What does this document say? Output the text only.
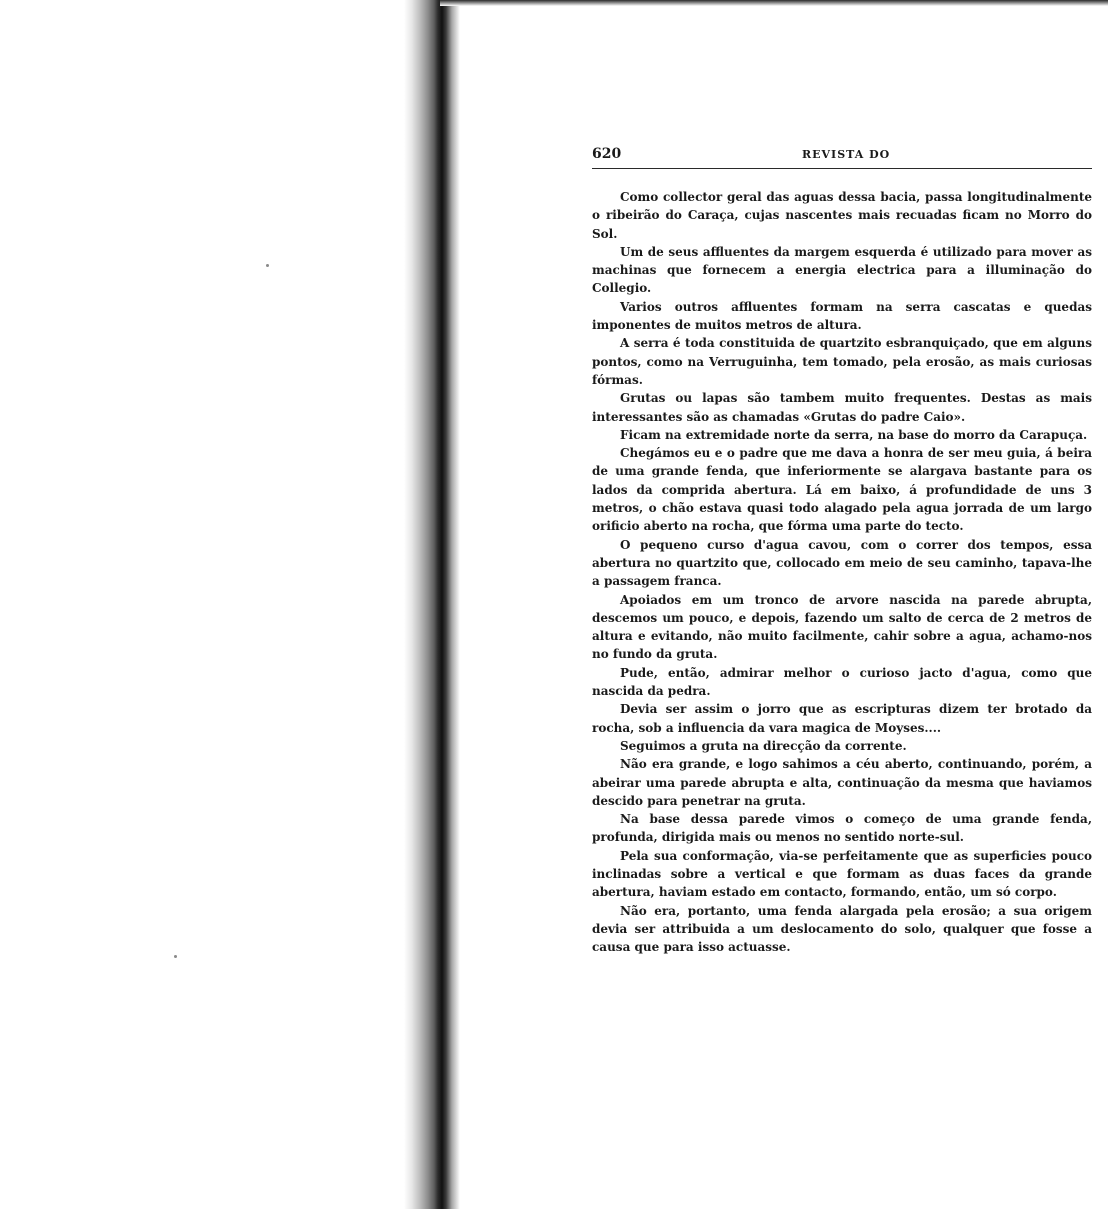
620	REVISTA DO

Como collector geral das aguas dessa bacia, passa longitudinalmente o ribeirão do Caraça, cujas nascentes mais recuadas ficam no Morro do Sol.

Um de seus affluentes da margem esquerda é utilizado para mover as machinas que fornecem a energia electrica para a illuminação do Collegio.

Varios outros affluentes formam na serra cascatas e quedas imponentes de muitos metros de altura.

A serra é toda constituida de quartzito esbranquiçado, que em alguns pontos, como na Verruguinha, tem tomado, pela erosão, as mais curiosas fórmas.

Grutas ou lapas são tambem muito frequentes. Destas as mais interessantes são as chamadas «Grutas do padre Caio».

Ficam na extremidade norte da serra, na base do morro da Carapuça.

Chegámos eu e o padre que me dava a honra de ser meu guia, á beira de uma grande fenda, que inferiormente se alargava bastante para os lados da comprida abertura. Lá em baixo, á profundidade de uns 3 metros, o chão estava quasi todo alagado pela agua jorrada de um largo orificio aberto na rocha, que fórma uma parte do tecto.

O pequeno curso d'agua cavou, com o correr dos tempos, essa abertura no quartzito que, collocado em meio de seu caminho, tapava-lhe a passagem franca.

Apoiados em um tronco de arvore nascida na parede abrupta, descemos um pouco, e depois, fazendo um salto de cerca de 2 metros de altura e evitando, não muito facilmente, cahir sobre a agua, achamo-nos no fundo da gruta.

Pude, então, admirar melhor o curioso jacto d'agua, como que nascida da pedra.

Devia ser assim o jorro que as escripturas dizem ter brotado da rocha, sob a influencia da vara magica de Moyses....

Seguimos a gruta na direcção da corrente.

Não era grande, e logo sahimos a céu aberto, continuando, porém, a abeirar uma parede abrupta e alta, continuação da mesma que haviamos descido para penetrar na gruta.

Na base dessa parede vimos o começo de uma grande fenda, profunda, dirigida mais ou menos no sentido norte-sul.

Pela sua conformação, via-se perfeitamente que as superficies pouco inclinadas sobre a vertical e que formam as duas faces da grande abertura, haviam estado em contacto, formando, então, um só corpo.

Não era, portanto, uma fenda alargada pela erosão; a sua origem devia ser attribuida a um deslocamento do solo, qualquer que fosse a causa que para isso actuasse.
